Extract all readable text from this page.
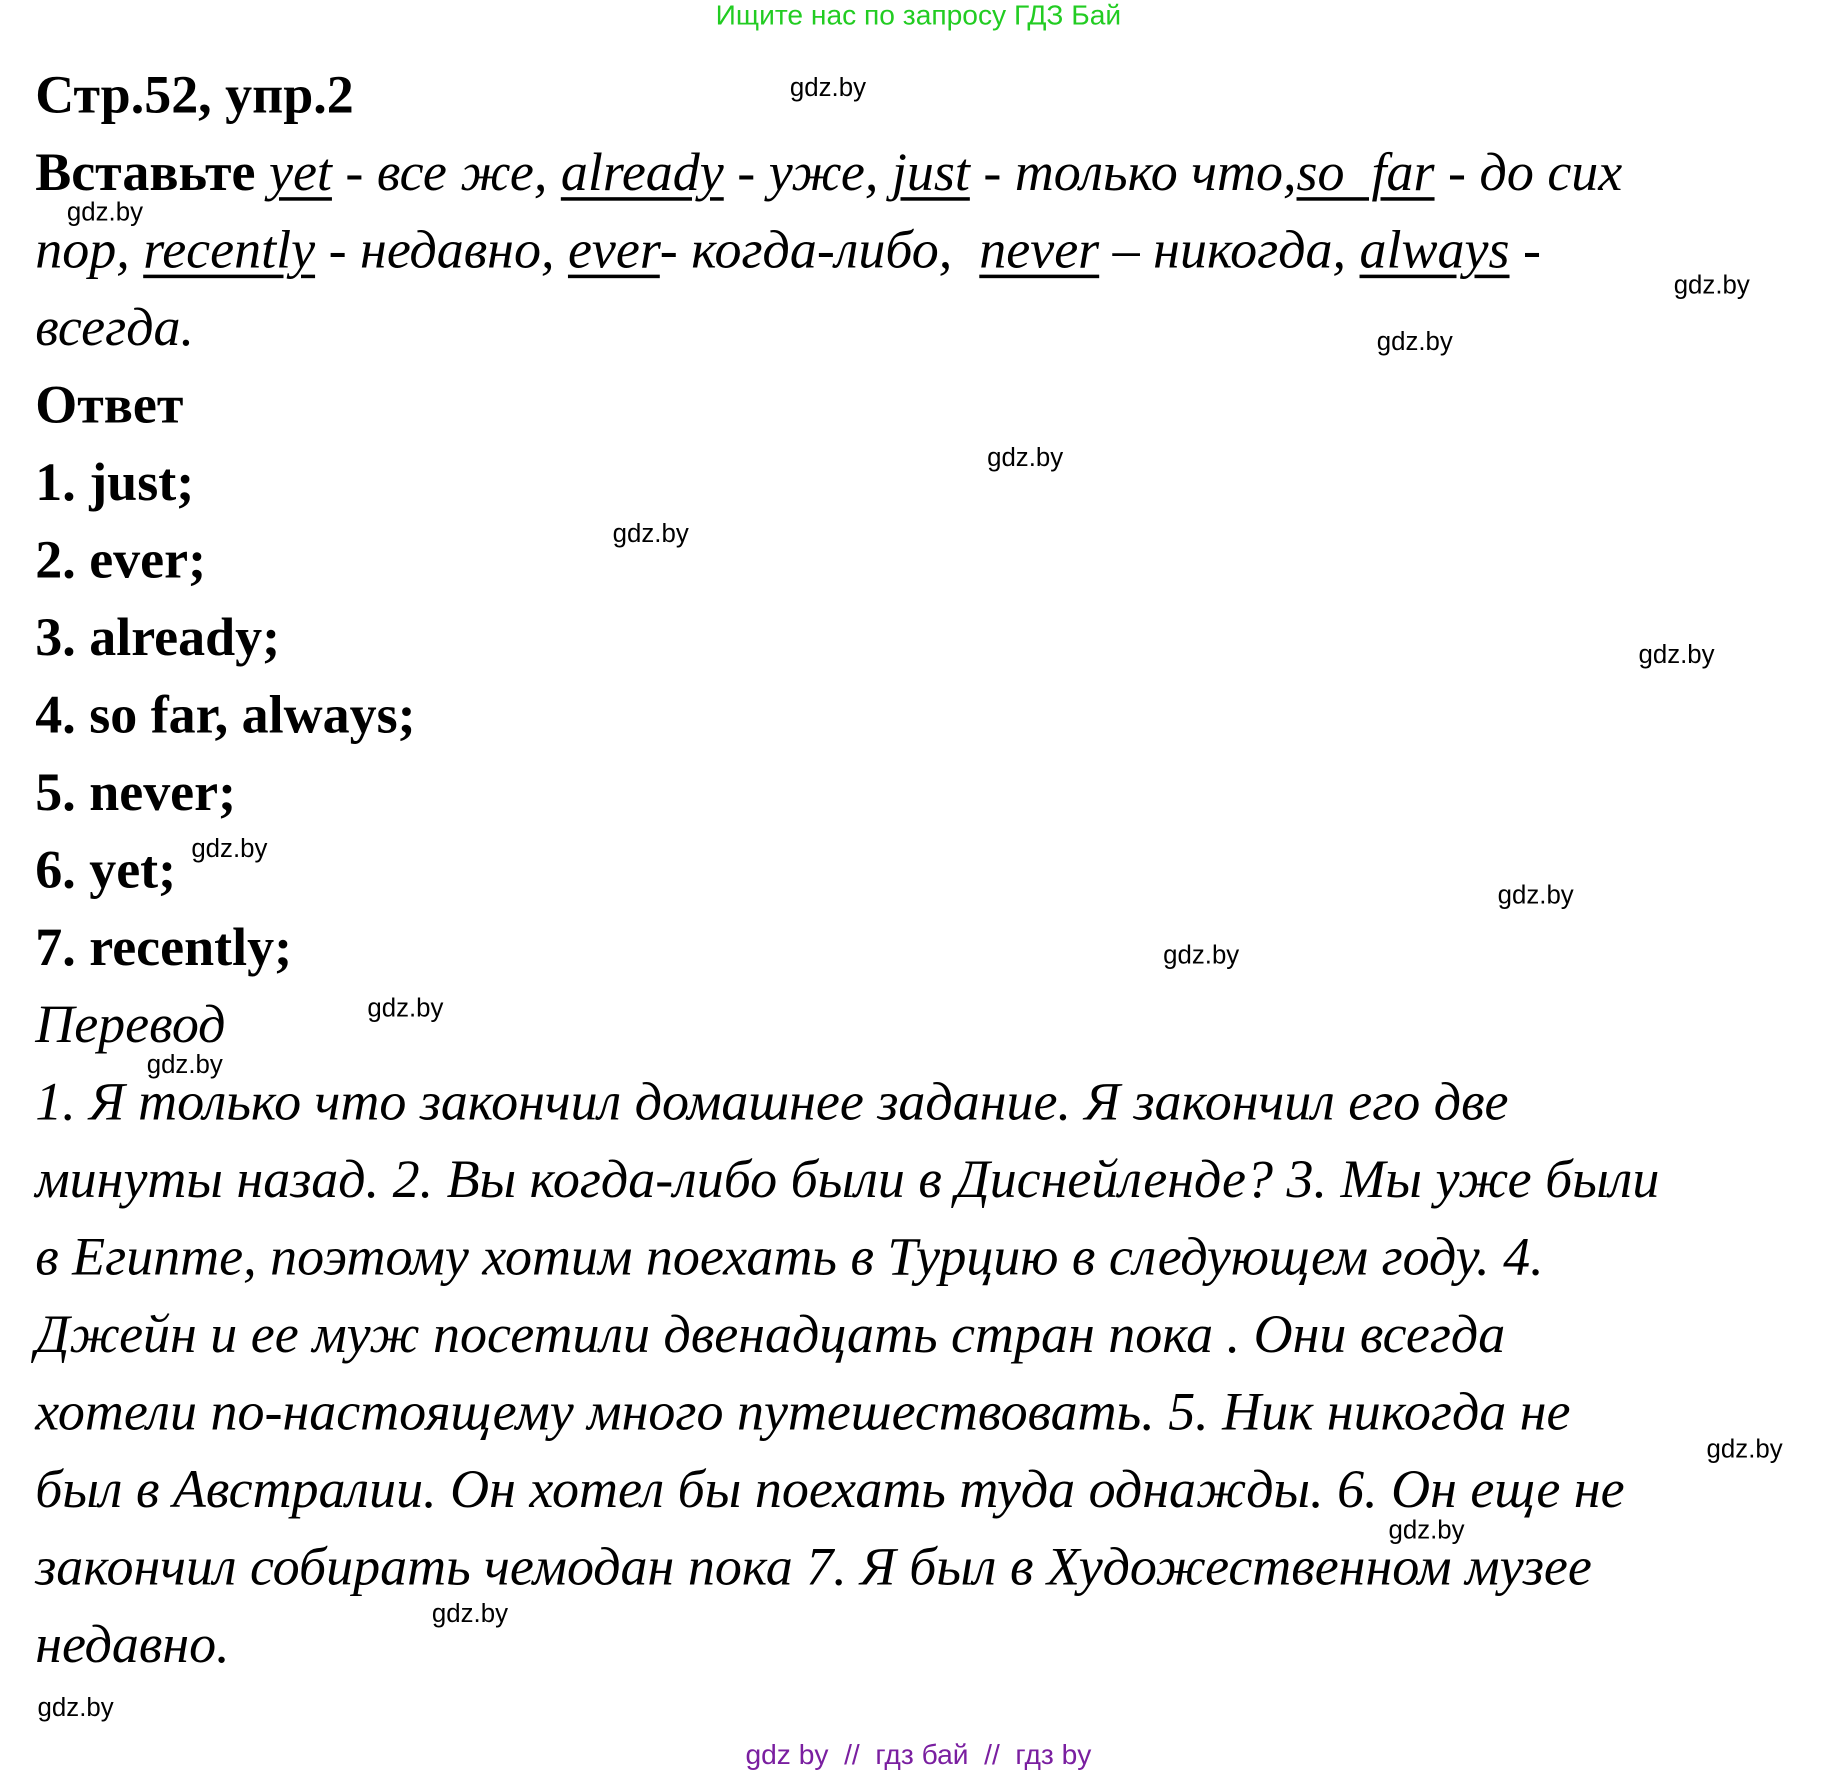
Ищите нас по запросу ГДЗ Бай
Стр.52, упр.2
Вставьте yet - все же, already - уже, just - только что,so  far - до сих
пор, recently - недавно, ever- когда-либо,  never – никогда, always -
всегда.
Ответ
1. just;
2. ever;
3. already;
4. so far, always;
5. never;
6. yet;
7. recently;
Перевод
1. Я только что закончил домашнее задание. Я закончил его две
минуты назад. 2. Вы когда-либо были в Диснейленде? 3. Мы уже были
в Египте, поэтому хотим поехать в Турцию в следующем году. 4.
Джейн и ее муж посетили двенадцать стран пока . Они всегда
хотели по-настоящему много путешествовать. 5. Ник никогда не
был в Австралии. Он хотел бы поехать туда однажды. 6. Он еще не
закончил собирать чемодан пока 7. Я был в Художественном музее
недавно.
gdz.by
gdz.by
gdz.by
gdz.by
gdz.by
gdz.by
gdz.by
gdz.by
gdz.by
gdz.by
gdz.by
gdz.by
gdz.by
gdz.by
gdz.by
gdz.by
gdz by  //  гдз бай  //  гдз by
